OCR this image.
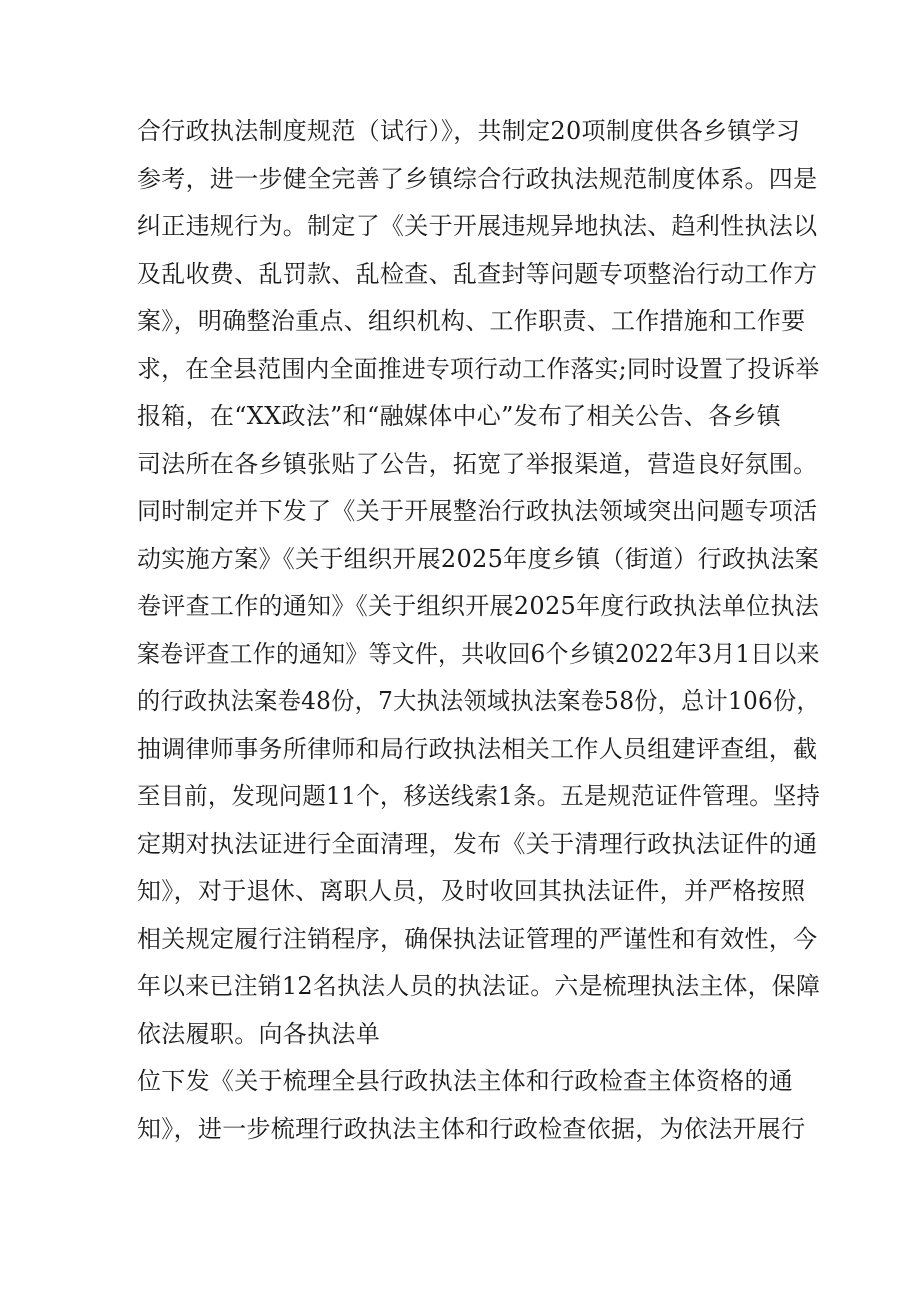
合行政执法制度规范（试行）》，共制定20项制度供各乡镇学习
参考，进一步健全完善了乡镇综合行政执法规范制度体系。四是
纠正违规行为。制定了《关于开展违规异地执法、趋利性执法以
及乱收费、乱罚款、乱检查、乱查封等问题专项整治行动工作方
案》，明确整治重点、组织机构、工作职责、工作措施和工作要
求，在全县范围内全面推进专项行动工作落实;同时设置了投诉举
报箱，在“XX政法”和“融媒体中心”发布了相关公告、各乡镇
司法所在各乡镇张贴了公告，拓宽了举报渠道，营造良好氛围。
同时制定并下发了《关于开展整治行政执法领域突出问题专项活
动实施方案》《关于组织开展2025年度乡镇（街道）行政执法案
卷评查工作的通知》《关于组织开展2025年度行政执法单位执法
案卷评查工作的通知》等文件，共收回6个乡镇2022年3月1日以来
的行政执法案卷48份，7大执法领域执法案卷58份，总计106份，
抽调律师事务所律师和局行政执法相关工作人员组建评查组，截
至目前，发现问题11个，移送线索1条。五是规范证件管理。坚持
定期对执法证进行全面清理，发布《关于清理行政执法证件的通
知》，对于退休、离职人员，及时收回其执法证件，并严格按照
相关规定履行注销程序，确保执法证管理的严谨性和有效性，今
年以来已注销12名执法人员的执法证。六是梳理执法主体，保障
依法履职。向各执法单
位下发《关于梳理全县行政执法主体和行政检查主体资格的通
知》，进一步梳理行政执法主体和行政检查依据，为依法开展行
